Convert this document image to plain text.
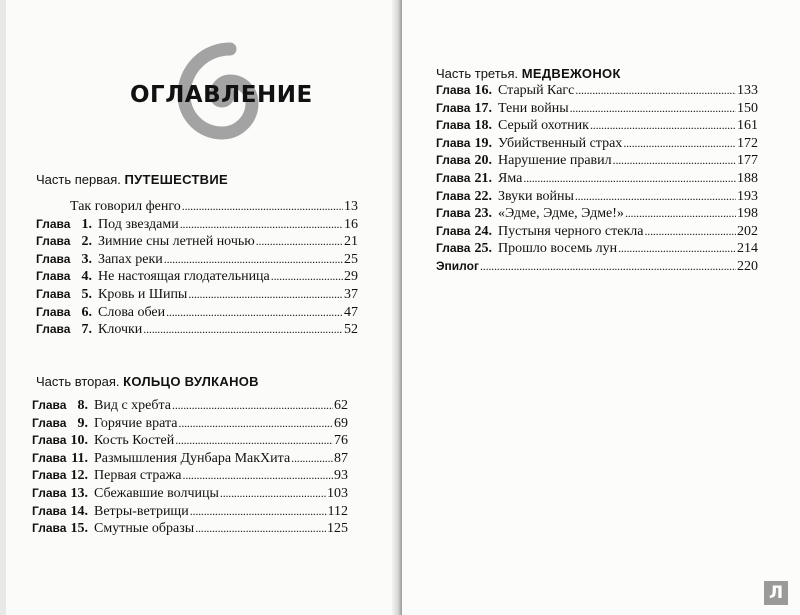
ОГЛАВЛЕНИЕ
Часть первая. ПУТЕШЕСТВИЕ
Так говорил фенго . . .	13
Глава 1. Под звездами . . .	16
Глава 2. Зимние сны летней ночью . . .	21
Глава 3. Запах реки . . .	25
Глава 4. Не настоящая глодательница . . .	29
Глава 5. Кровь и Шипы . . .	37
Глава 6. Слова обеи . . .	47
Глава 7. Клочки . . .	52
Часть вторая. КОЛЬЦО ВУЛКАНОВ
Глава 8. Вид с хребта . . .	62
Глава 9. Горячие врата . . .	69
Глава 10. Кость Костей . . .	76
Глава 11. Размышления Дунбара МакХита . . .	87
Глава 12. Первая стража . . .	93
Глава 13. Сбежавшие волчицы . . .	103
Глава 14. Ветры-ветрищи . . .	112
Глава 15. Смутные образы . . .	125
Часть третья. МЕДВЕЖОНОК
Глава 16. Старый Кагс . . .	133
Глава 17. Тени войны . . .	150
Глава 18. Серый охотник . . .	161
Глава 19. Убийственный страх . . .	172
Глава 20. Нарушение правил . . .	177
Глава 21. Яма . . .	188
Глава 22. Звуки войны . . .	193
Глава 23. «Эдме, Эдме, Эдме!» . . .	198
Глава 24. Пустыня черного стекла . . .	202
Глава 25. Прошло восемь лун . . .	214
Эпилог . . .	220
Л
